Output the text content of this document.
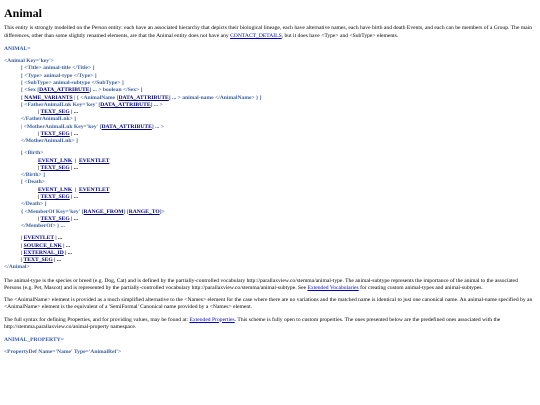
Animal

This entity is strongly modelled on the Person entity: each have an associated hierarchy that depicts their biological lineage, each have alternative names, each have birth and death Events, and each can be members of a Group. The main differences, other than some slightly renamed elements, are that the Animal entity does not have any CONTACT_DETAILS, but it does have <Type> and <SubType> elements.

ANIMAL=
<Animal Key='key'>
[ <Title> animal-title </Title> ]
[ <Type> animal-type </Type> ]
[ <SubType> animal-subtype </SubType> ]
[ <Sex [DATA_ATTRIBUTE] ... > boolean </Sex> ]
[ NAME_VARIANTS | { <AnimalName [DATA_ATTRIBUTE] ... > animal-name </AnimalName> } ]
[ <FatherAnimalLnk Key='key' [DATA_ATTRIBUTE] ... >
| TEXT_SEG | ...
</FatherAnimalLnk> ]
| <MotherAnimalLnk Key='key' [DATA_ATTRIBUTE] ... >
| TEXT_SEG | ...
</MotherAnimalLnk> ]
[ <Birth>
EVENT_LNK  |  EVENTLET
| TEXT_SEG | ...
</Birth> ]
[ <Death>
EVENT_LNK  |  EVENTLET
| TEXT_SEG | ...
</Death> ]
{ <MemberOf Key='key' [RANGE_FROM] [RANGE_TO]>
| TEXT_SEG | ...
</MemberOf> } ...
| EVENTLET | ...
| SOURCE_LNK | ...
| EXTERNAL_ID | ...
| TEXT_SEG | ...
</Animal>

The animal-type is the species or breed (e.g. Dog, Cat) and is defined by the partially-controlled vocabulary http://parallaxview.co/stemma/animal-type. The animal-subtype represents the importance of the animal to the associated Persons (e.g. Pet, Mascot) and is represented by the partially-controlled vocabulary http://parallaxview.co/stemma/animal-subtype. See Extended Vocabularies for creating custom animal-types and animal-subtypes.

The <AnimalName> element is provided as a much simplified alternative to the <Names> element for the case where there are no variations and the matched name is identical to just one canonical name. An animal-name specified by an <AnimalName> element is the equivalent of a 'SemiFormal' Canonical name provided by a <Names> element.

The full syntax for defining Properties, and for providing values, may be found at: Extended Properties. This scheme is fully open to custom properties. The ones presented below are the predefined ones associated with the http://stemma.parallaxview.co/animal-property namespace.

ANIMAL_PROPERTY=
<PropertyDef Name='Name' Type='AnimalRef'>
